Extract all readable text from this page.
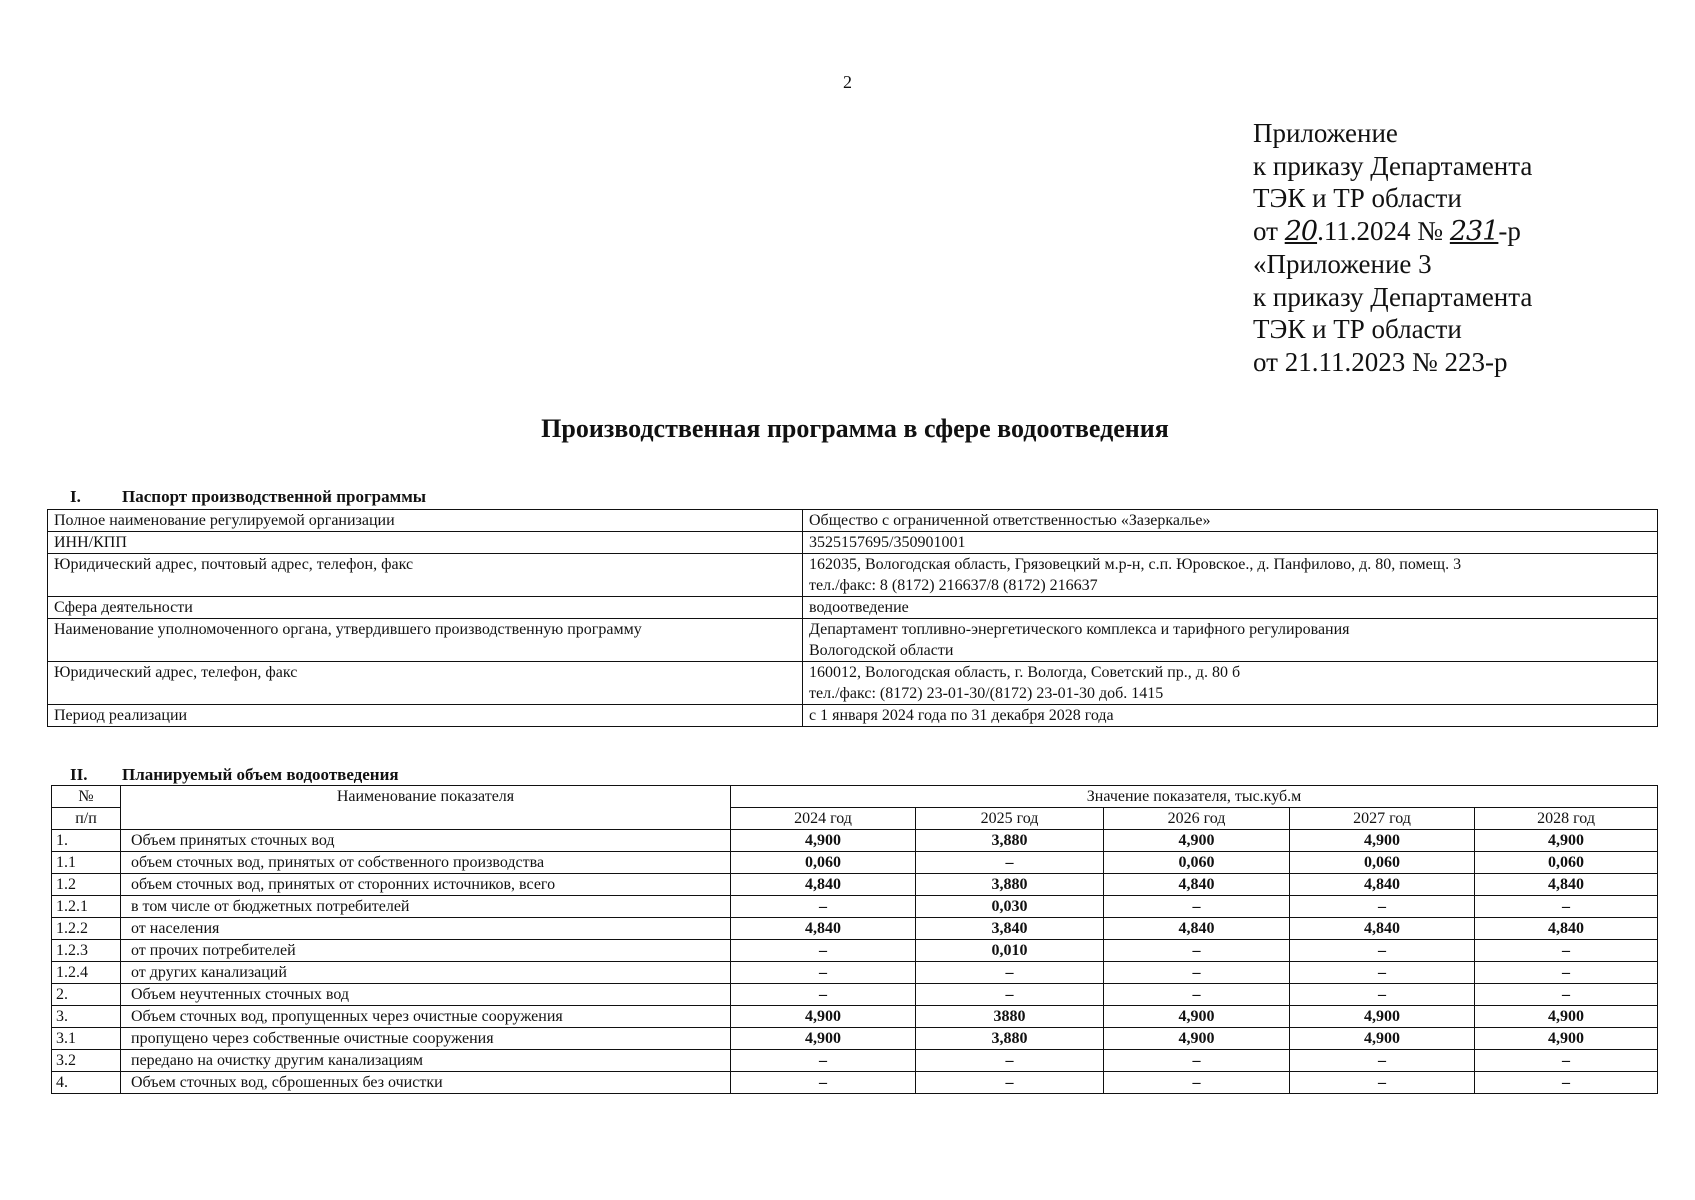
2
Приложение
к приказу Департамента
ТЭК и ТР области
от 20.11.2024 № 231-р
«Приложение 3
к приказу Департамента
ТЭК и ТР области
от 21.11.2023 № 223-р
Производственная программа в сфере водоотведения
I. Паспорт производственной программы
Полное наименование регулируемой организации	Общество с ограниченной ответственностью «Зазеркалье»

ИНН/КПП	3525157695/350901001

Юридический адрес, почтовый адрес, телефон, факс	162035, Вологодская область, Грязовецкий м.р-н, с.п. Юровское., д. Панфилово, д. 80, помещ. 3
тел./факс: 8 (8172) 216637/8 (8172) 216637

Сфера деятельности	водоотведение

Наименование уполномоченного органа, утвердившего производственную программу	Департамент топливно-энергетического комплекса и тарифного регулирования
Вологодской области

Юридический адрес, телефон, факс	160012, Вологодская область, г. Вологда, Советский пр., д. 80 б
тел./факс: (8172) 23-01-30/(8172) 23-01-30 доб. 1415

Период реализации	с 1 января 2024 года по 31 декабря 2028 года
II. Планируемый объем водоотведения
№	Наименование показателя	Значение показателя, тыс.куб.м				
п/п		2024 год	2025 год	2026 год	2027 год	2028 год
1.	Объем принятых сточных вод	4,900	3,880	4,900	4,900	4,900
1.1	объем сточных вод, принятых от собственного производства	0,060	–	0,060	0,060	0,060
1.2	объем сточных вод, принятых от сторонних источников, всего	4,840	3,880	4,840	4,840	4,840
1.2.1	в том числе от бюджетных потребителей	–	0,030	–	–	–
1.2.2	от населения	4,840	3,840	4,840	4,840	4,840
1.2.3	от прочих потребителей	–	0,010	–	–	–
1.2.4	от других канализаций	–	–	–	–	–
2.	Объем неучтенных сточных вод	–	–	–	–	–
3.	Объем сточных вод, пропущенных через очистные сооружения	4,900	3880	4,900	4,900	4,900
3.1	пропущено через собственные очистные сооружения	4,900	3,880	4,900	4,900	4,900
3.2	передано на очистку другим канализациям	–	–	–	–	–
4.	Объем сточных вод, сброшенных без очистки	–	–	–	–	–
